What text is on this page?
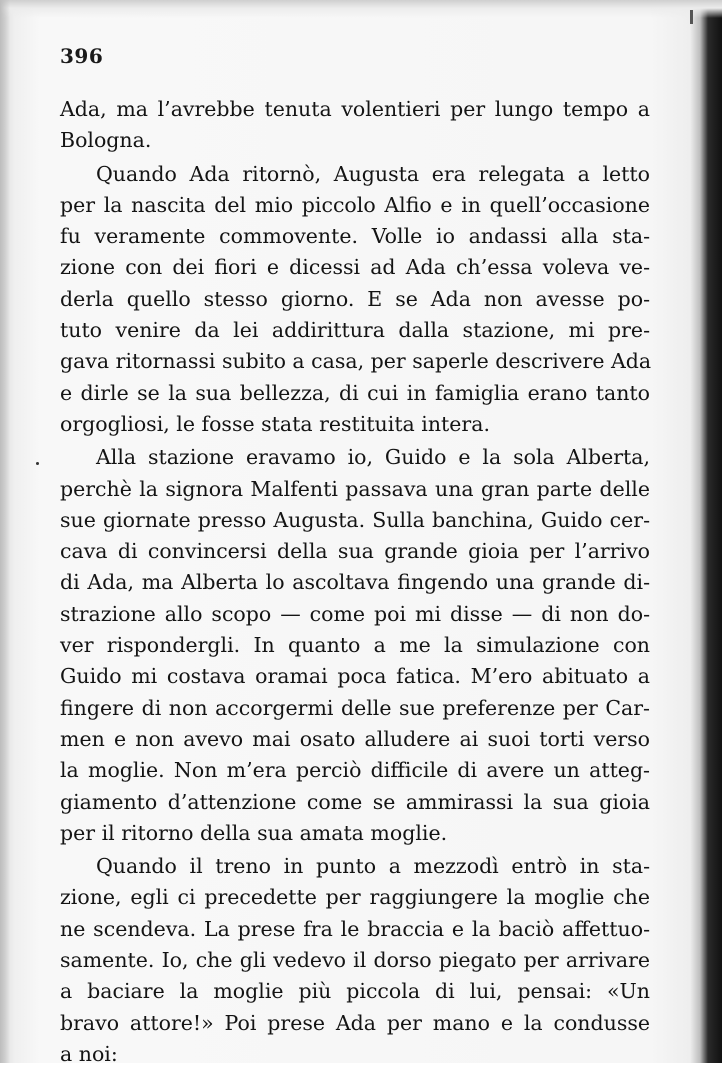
396
Ada, ma l’avrebbe tenuta volentieri per lungo tempo a
Bologna.
Quando Ada ritornò, Augusta era relegata a letto
per la nascita del mio piccolo Alfio e in quell’occasione
fu veramente commovente. Volle io andassi alla sta-
zione con dei fiori e dicessi ad Ada ch’essa voleva ve-
derla quello stesso giorno. E se Ada non avesse po-
tuto venire da lei addirittura dalla stazione, mi pre-
gava ritornassi subito a casa, per saperle descrivere Ada
e dirle se la sua bellezza, di cui in famiglia erano tanto
orgogliosi, le fosse stata restituita intera.
Alla stazione eravamo io, Guido e la sola Alberta,
perchè la signora Malfenti passava una gran parte delle
sue giornate presso Augusta. Sulla banchina, Guido cer-
cava di convincersi della sua grande gioia per l’arrivo
di Ada, ma Alberta lo ascoltava fingendo una grande di-
strazione allo scopo — come poi mi disse — di non do-
ver rispondergli. In quanto a me la simulazione con
Guido mi costava oramai poca fatica. M’ero abituato a
fingere di non accorgermi delle sue preferenze per Car-
men e non avevo mai osato alludere ai suoi torti verso
la moglie. Non m’era perciò difficile di avere un atteg-
giamento d’attenzione come se ammirassi la sua gioia
per il ritorno della sua amata moglie.
Quando il treno in punto a mezzodì entrò in sta-
zione, egli ci precedette per raggiungere la moglie che
ne scendeva. La prese fra le braccia e la baciò affettuo-
samente. Io, che gli vedevo il dorso piegato per arrivare
a baciare la moglie più piccola di lui, pensai: «Un
bravo attore!» Poi prese Ada per mano e la condusse
a noi:
